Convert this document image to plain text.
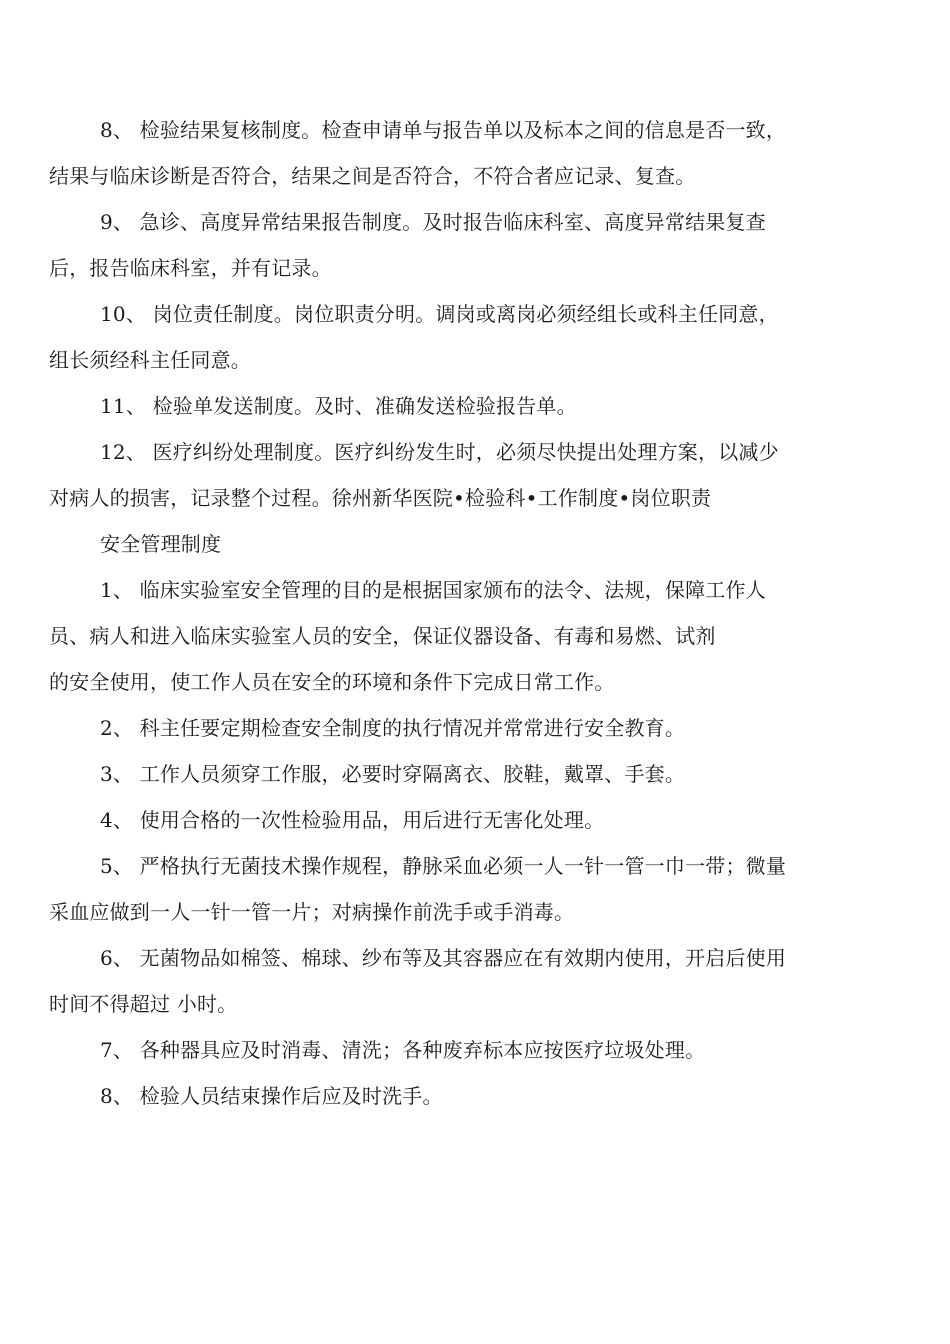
8、 检验结果复核制度。检查申请单与报告单以及标本之间的信息是否一致，
结果与临床诊断是否符合，结果之间是否符合，不符合者应记录、复查。
9、 急诊、高度异常结果报告制度。及时报告临床科室、高度异常结果复查
后，报告临床科室，并有记录。
10、 岗位责任制度。岗位职责分明。调岗或离岗必须经组长或科主任同意，
组长须经科主任同意。
11、 检验单发送制度。及时、准确发送检验报告单。
12、 医疗纠纷处理制度。医疗纠纷发生时，必须尽快提出处理方案，以减少
对病人的损害，记录整个过程。徐州新华医院•检验科•工作制度•岗位职责
安全管理制度
1、 临床实验室安全管理的目的是根据国家颁布的法令、法规，保障工作人
员、病人和进入临床实验室人员的安全，保证仪器设备、有毒和易燃、试剂
的安全使用，使工作人员在安全的环境和条件下完成日常工作。
2、 科主任要定期检查安全制度的执行情况并常常进行安全教育。
3、 工作人员须穿工作服，必要时穿隔离衣、胶鞋，戴罩、手套。
4、 使用合格的一次性检验用品，用后进行无害化处理。
5、 严格执行无菌技术操作规程，静脉采血必须一人一针一管一巾一带；微量
采血应做到一人一针一管一片；对病操作前洗手或手消毒。
6、 无菌物品如棉签、棉球、纱布等及其容器应在有效期内使用，开启后使用
时间不得超过 小时。
7、 各种器具应及时消毒、清洗；各种废弃标本应按医疗垃圾处理。
8、 检验人员结束操作后应及时洗手。
